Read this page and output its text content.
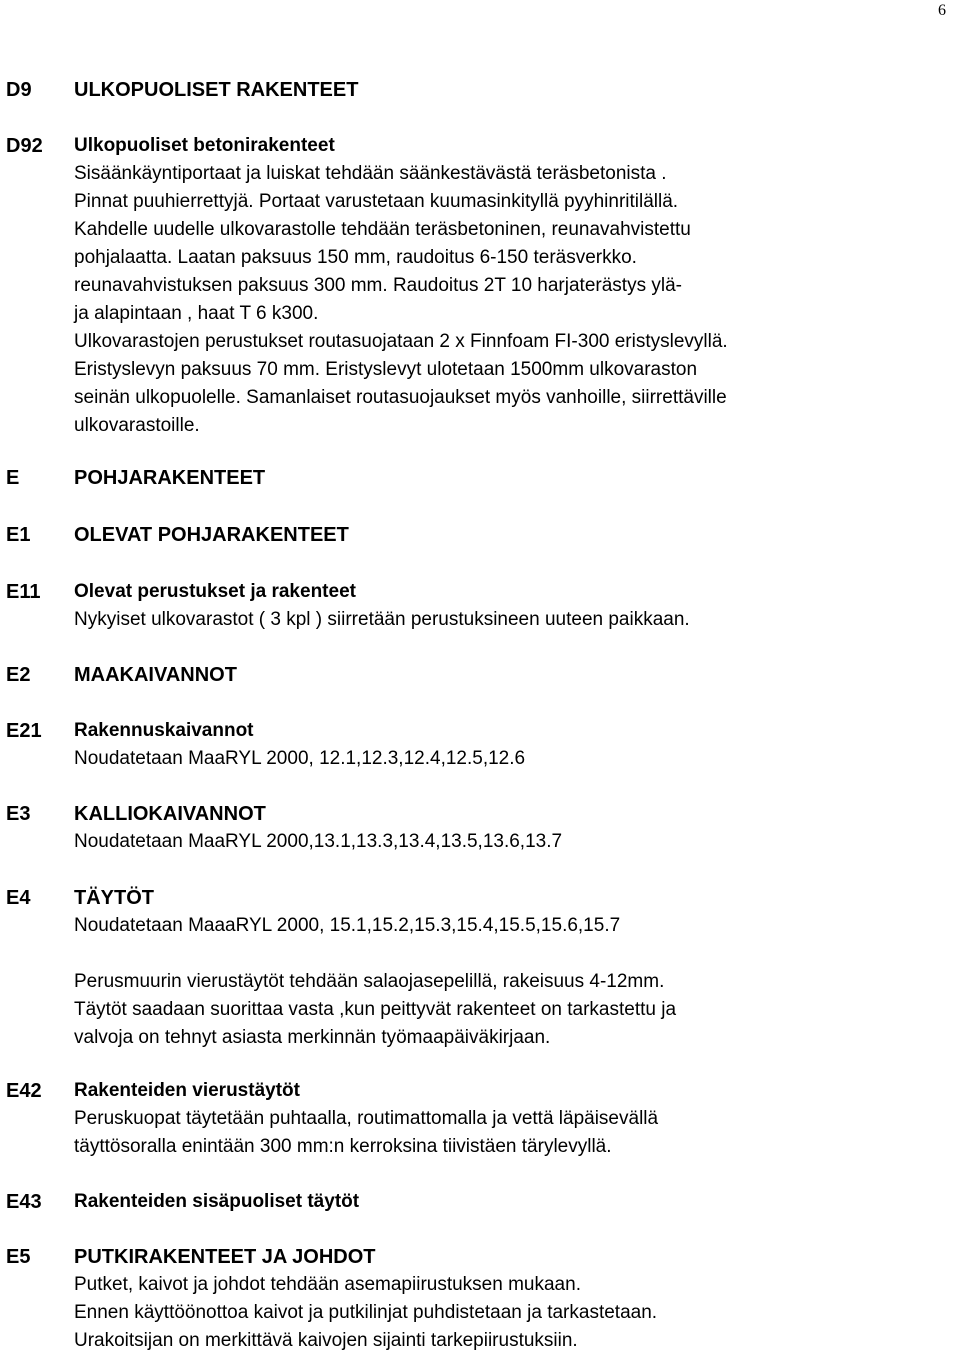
6
D9 ULKOPUOLISET RAKENTEET
D92 Ulkopuoliset betonirakenteet
Sisäänkäyntiportaat ja luiskat tehdään säänkestävästä teräsbetonista .
Pinnat puuhierrettyjä. Portaat varustetaan kuumasinkityllä pyyhinritilällä.
Kahdelle uudelle ulkovarastolle tehdään teräsbetoninen, reunavahvistettu
pohjalaatta. Laatan paksuus 150 mm, raudoitus 6-150 teräsverkko.
reunavahvistuksen paksuus 300 mm. Raudoitus 2T 10 harjaterästys ylä-
ja alapintaan , haat T 6 k300.
Ulkovarastojen perustukset routasuojataan 2 x Finnfoam FI-300 eristyslevyllä.
Eristyslevyn paksuus 70 mm. Eristyslevyt ulotetaan 1500mm ulkovaraston
seinän ulkopuolelle. Samanlaiset routasuojaukset myös vanhoille, siirrettäville
ulkovarastoille.
E	POHJARAKENTEET
E1 OLEVAT POHJARAKENTEET
E11 Olevat perustukset ja rakenteet
Nykyiset ulkovarastot ( 3 kpl ) siirretään perustuksineen uuteen paikkaan.
E2 MAAKAIVANNOT
E21 Rakennuskaivannot
Noudatetaan MaaRYL 2000, 12.1,12.3,12.4,12.5,12.6
E3 KALLIOKAIVANNOT
Noudatetaan MaaRYL 2000,13.1,13.3,13.4,13.5,13.6,13.7
E4 TÄYTÖT
Noudatetaan MaaaRYL 2000, 15.1,15.2,15.3,15.4,15.5,15.6,15.7
Perusmuurin vierustäytöt tehdään salaojasepelillä, rakeisuus 4-12mm.
Täytöt saadaan suorittaa vasta ,kun peittyvät rakenteet on tarkastettu ja
valvoja on tehnyt asiasta merkinnän työmaapäiväkirjaan.
E42 Rakenteiden vierustäytöt
Peruskuopat täytetään puhtaalla, routimattomalla ja vettä läpäisevällä
täyttösoralla enintään 300 mm:n kerroksina tiivistäen tärylevyllä.
E43 Rakenteiden sisäpuoliset täytöt
E5 PUTKIRAKENTEET JA JOHDOT
Putket, kaivot ja johdot tehdään asemapiirustuksen mukaan.
Ennen käyttöönottoa kaivot ja putkilinjat puhdistetaan ja tarkastetaan.
Urakoitsijan on merkittävä kaivojen sijainti tarkepiirustuksiin.
